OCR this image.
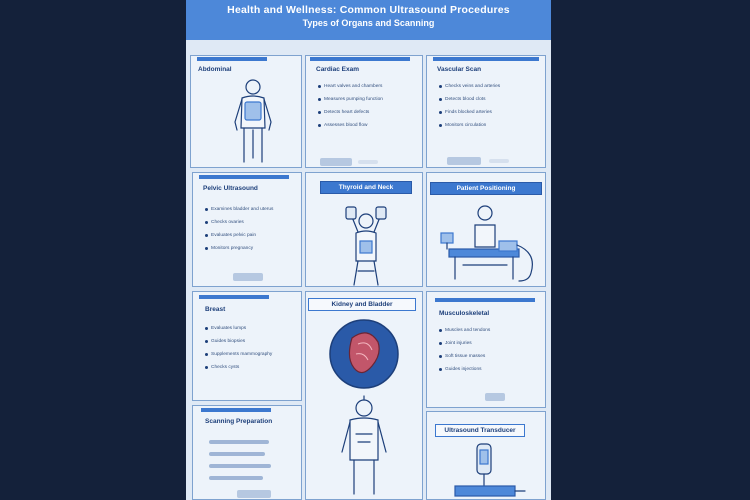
Health and Wellness: Common Ultrasound Procedures
Types of Organs and Scanning
Abdominal	Cardiac Exam
Heart valves and chambers
Measures pumping function
Detects heart defects
Assesses blood flow
Vascular Scan
Checks veins and arteries
Detects blood clots
Finds blocked arteries
Monitors circulation
Pelvic Ultrasound
Examines bladder and uterus
Checks ovaries
Evaluates pelvic pain
Monitors pregnancy
Thyroid and Neck	Patient Positioning
Breast
Evaluates lumps
Guides biopsies
Supplements mammography
Checks cysts
Kidney and Bladder
Musculoskeletal
Muscles and tendons
Joint injuries
Soft tissue masses
Guides injections
Scanning Preparation
Ultrasound Transducer
